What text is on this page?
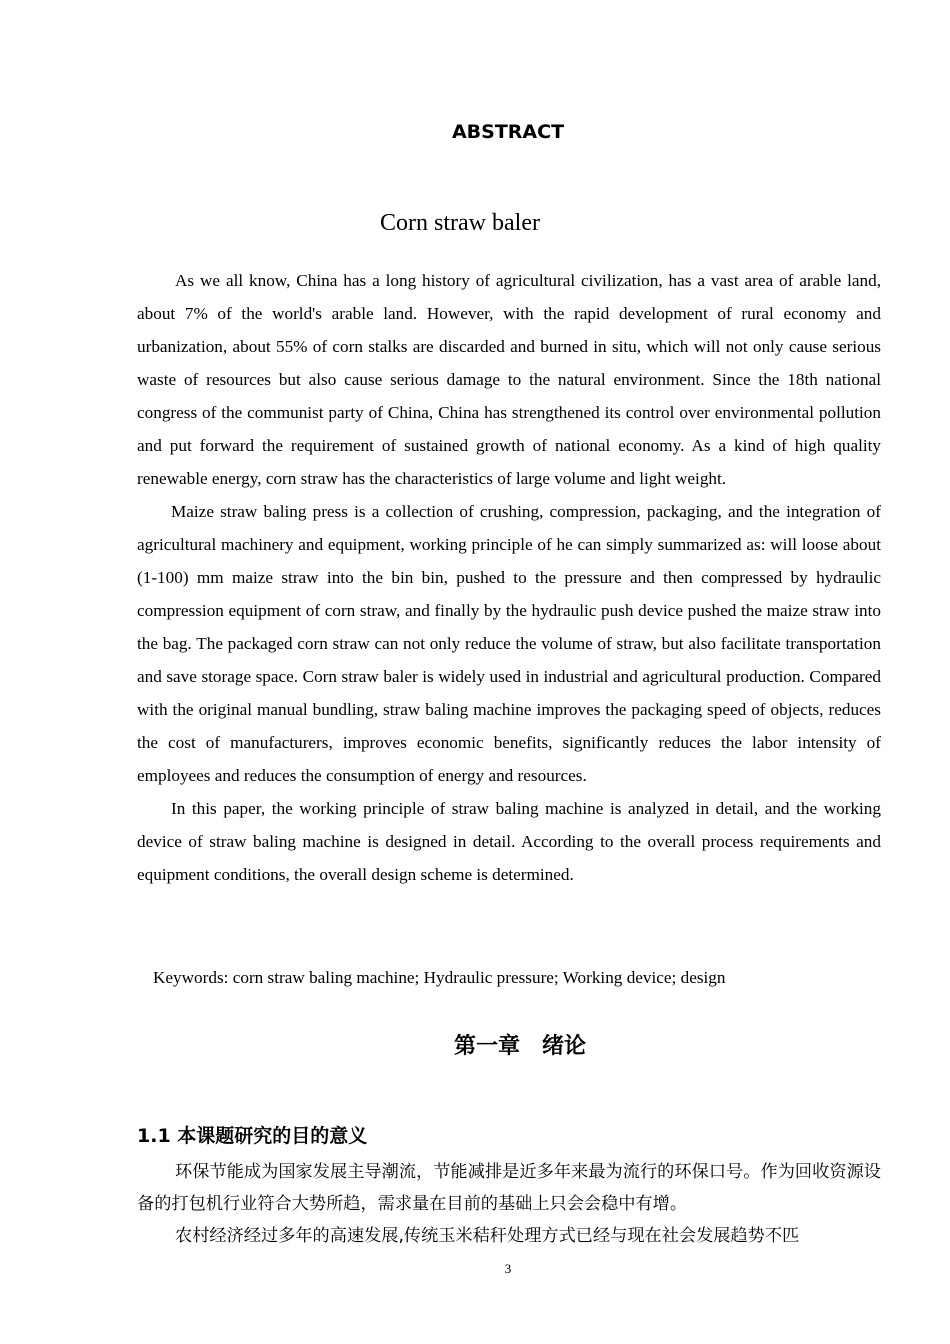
ABSTRACT
Corn straw baler

As we all know, China has a long history of agricultural civilization, has a vast area of arable land, about 7% of the world's arable land. However, with the rapid development of rural economy and urbanization, about 55% of corn stalks are discarded and burned in situ, which will not only cause serious waste of resources but also cause serious damage to the natural environment. Since the 18th national congress of the communist party of China, China has strengthened its control over environmental pollution and put forward the requirement of sustained growth of national economy. As a kind of high quality renewable energy, corn straw has the characteristics of large volume and light weight.

Maize straw baling press is a collection of crushing, compression, packaging, and the integration of agricultural machinery and equipment, working principle of he can simply summarized as: will loose about (1-100) mm maize straw into the bin bin, pushed to the pressure and then compressed by hydraulic compression equipment of corn straw, and finally by the hydraulic push device pushed the maize straw into the bag. The packaged corn straw can not only reduce the volume of straw, but also facilitate transportation and save storage space. Corn straw baler is widely used in industrial and agricultural production. Compared with the original manual bundling, straw baling machine improves the packaging speed of objects, reduces the cost of manufacturers, improves economic benefits, significantly reduces the labor intensity of employees and reduces the consumption of energy and resources.

In this paper, the working principle of straw baling machine is analyzed in detail, and the working device of straw baling machine is designed in detail. According to the overall process requirements and equipment conditions, the overall design scheme is determined.

Keywords: corn straw baling machine; Hydraulic pressure; Working device; design
第一章 绪论
1.1 本课题研究的目的意义

环保节能成为国家发展主导潮流，节能减排是近多年来最为流行的环保口号。作为回收资源设备的打包机行业符合大势所趋，需求量在目前的基础上只会会稳中有增。

农村经济经过多年的高速发展,传统玉米秸秆处理方式已经与现在社会发展趋势不匹

3
